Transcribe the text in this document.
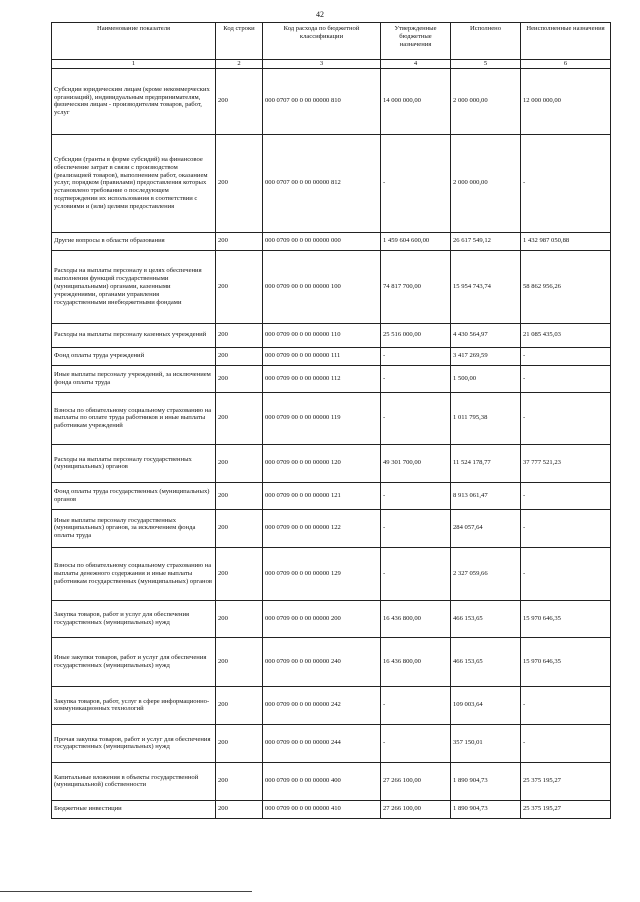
42
Наименование показателя	Код строки	Код расхода по бюджетной классификации	Утвержденные бюджетные назначения	Исполнено	Неисполненные назначения
1	2	3	4	5	6
Субсидии юридическим лицам (кроме некоммерческих организаций), индивидуальным предпринимателям, физическим лицам - производителям товаров, работ, услуг	200	000 0707 00 0 00 00000 810	14 000 000,00	2 000 000,00	12 000 000,00
Субсидии (гранты в форме субсидий) на финансовое обеспечение затрат в связи с производством (реализацией товаров), выполнением работ, оказанием услуг, порядком (правилами) предоставления которых установлено требование о последующем подтверждении их использования в соответствии с условиями и (или) целями предоставления	200	000 0707 00 0 00 00000 812	-	2 000 000,00	-
Другие вопросы в области образования	200	000 0709 00 0 00 00000 000	1 459 604 600,00	26 617 549,12	1 432 987 050,88
Расходы на выплаты персоналу в целях обеспечения выполнения функций государственными (муниципальными) органами, казенными учреждениями, органами управления государственными внебюджетными фондами	200	000 0709 00 0 00 00000 100	74 817 700,00	15 954 743,74	58 862 956,26
Расходы на выплаты персоналу казенных учреждений	200	000 0709 00 0 00 00000 110	25 516 000,00	4 430 564,97	21 085 435,03
Фонд оплаты труда учреждений	200	000 0709 00 0 00 00000 111	-	3 417 269,59	-
Иные выплаты персоналу учреждений, за исключением фонда оплаты труда	200	000 0709 00 0 00 00000 112	-	1 500,00	-
Взносы по обязательному социальному страхованию на выплаты по оплате труда работников и иные выплаты работникам учреждений	200	000 0709 00 0 00 00000 119	-	1 011 795,38	-
Расходы на выплаты персоналу государственных (муниципальных) органов	200	000 0709 00 0 00 00000 120	49 301 700,00	11 524 178,77	37 777 521,23
Фонд оплаты труда государственных (муниципальных) органов	200	000 0709 00 0 00 00000 121	-	8 913 061,47	-
Иные выплаты персоналу государственных (муниципальных) органов, за исключением фонда оплаты труда	200	000 0709 00 0 00 00000 122	-	284 057,64	-
Взносы по обязательному социальному страхованию на выплаты денежного содержания и иные выплаты работникам государственных (муниципальных) органов	200	000 0709 00 0 00 00000 129	-	2 327 059,66	-
Закупка товаров, работ и услуг для обеспечения государственных (муниципальных) нужд	200	000 0709 00 0 00 00000 200	16 436 800,00	466 153,65	15 970 646,35
Иные закупки товаров, работ и услуг для обеспечения государственных (муниципальных) нужд	200	000 0709 00 0 00 00000 240	16 436 800,00	466 153,65	15 970 646,35
Закупка товаров, работ, услуг в сфере информационно-коммуникационных технологий	200	000 0709 00 0 00 00000 242	-	109 003,64	-
Прочая закупка товаров, работ и услуг для обеспечения государственных (муниципальных) нужд	200	000 0709 00 0 00 00000 244	-	357 150,01	-
Капитальные вложения в объекты государственной (муниципальной) собственности	200	000 0709 00 0 00 00000 400	27 266 100,00	1 890 904,73	25 375 195,27
Бюджетные инвестиции	200	000 0709 00 0 00 00000 410	27 266 100,00	1 890 904,73	25 375 195,27
